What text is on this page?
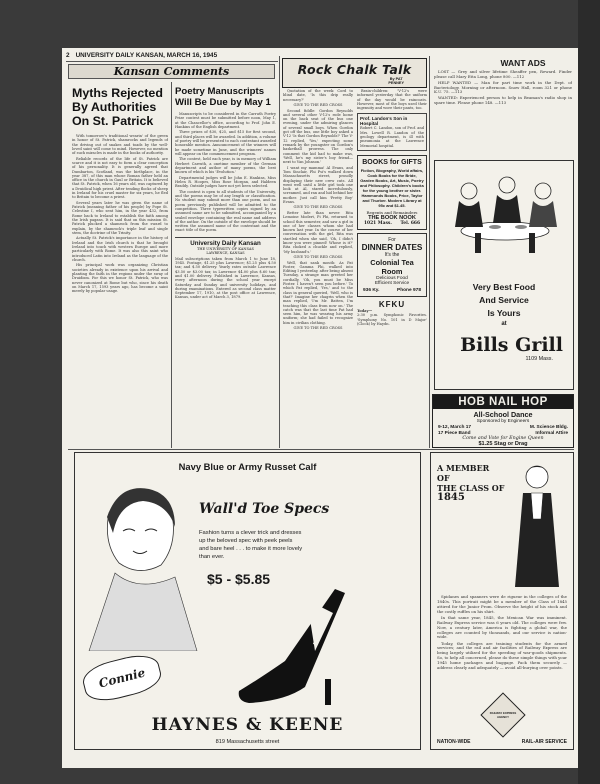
2 UNIVERSITY DAILY KANSAN, MARCH 16, 1945
Kansan Comments
Myths Rejected
By Authorities
On St. Patrick

With tomorrow's traditional wearin' of the green in honor of St. Patrick, shamrocks and legends of the driving out of snakes and toads by the well-loved saint will come to mind. However, no mention of such miracles is made in the books of authority.

Reliable records of the life of St. Patrick are scarce and it is not easy to form a clear conception of his personality. It is generally agreed that Dumbarton, Scotland, was the birthplace, in the year 387, of this man whose Roman father held an office in the church in Gaul or Britain. It is believed that St. Patrick, when 16 years old, was captured by a Druidical high priest. After tending flocks of sheep in Ireland for his cruel master for six years, he fled to Britain to become a priest.

Several years later he was given the name of Patrick (meaning father of his people) by Pope St. Celestine I, who sent him, in the year 432, from Rome back to Ireland to establish the faith among the Irish pagans. It is said that on this mission St. Patrick plucked a shamrock from the sward to explain, by the shamrock's triple leaf and single stem, the doctrine of the Trinity.

Actually St. Patrick's importance in the history of Ireland and the Irish church is that he brought Ireland into touch with western Europe and more particularly with Rome. It was also this saint who introduced Latin into Ireland as the language of the church.

His principal work was organizing Christian societies already in existence upon his arrival and planting the faith in the regions under the sway of Druidism. For this we honor St. Patrick, who was never canonized at Rome but who, since his death on March 17, 1593 years ago, has become a saint merely by popular usage.

Poetry Manuscripts
Will Be Due by May 1

Manuscripts to be considered in the Carruth Poetry Prize contest must be submitted before noon, May 1, at the Chancellor's office, according to Prof. John E. Hankins of the English department.

Three prizes of $30, $25, and $15 for first second, and third places will be awarded. In addition, a volume of poetry will be presented to each contestant awarded honorable mention. Announcement of the winners will be made sometime in June, and the winners' names will appear on the commencement program.

The contest, held each year, is in memory of William Herbert Carruth, a onetime member of the German department and author of many poems, the best known of which is his 'Evolution.'

Departmental judges will be John E. Hankins, Miss Helen R. Hoopes, Miss Rose Morgan, and Haldeen Braddy. Outside judges have not yet been selected.

The contest is open to all students of the University, and the poems may be of any length or classification. No student may submit more than one poem, and no poem previously published will be admitted to the competition. Three typewritten copies signed by an assumed name are to be submitted, accompanied by a sealed envelope containing the real name and address of the author. On the outside of the envelope should be written the assumed name of the contestant and the exact title of the poem.

University Daily Kansan
THE UNIVERSITY OF KANSAS
LAWRENCE, KANSAS
Mail subscriptions taken from March 1 to June 18, 1945. Postage, $1.25 plus Lawrence; $1.25 plus $.50 tax; and $.50 delivery. Yearly rates outside Lawrence $3.50 or $3.00 tax; in Lawrence $4.00 plus $.60 tax; and $1.00 delivery. Published in Lawrence, Kansas, every afternoon during the school year except Saturday and Sunday and university holidays, and during examinations. Entered as second class matter September 17, 1910, at the post office at Lawrence, Kansas, under act of March 3, 1879.
Rock Chalk Talk
By PAT
PENNEY

Quotation of the week: Cord to blind date, 'Is this drip really necessary?'

GIVE TO THE RED CROSS

Second fiddle: Gordon Reynolds and several other V-12's rode home on the back seat of the bus one evening, under the admiring glances of several small boys. When Gordon got off the bus, one little boy asked a V-12 'Is that Gordon Reynolds?' The V-12 replied, 'Yes,' expecting some remark by the youngster on Gordon's basketball prowess. The only comment the kid had to make was, 'Well, he's my sister's boy friend—next to Van Johnson.'

I want my mamma! Al Evans, and Tom Sinclair, Phi Psi's walked down Massachusetts street, proudly displaying their new crew cuts. All went well until a little girl took one look at Al, stared incredulously, screamed, and ran and hid behind her mother. Just call him 'Pretty Boy' Evans.

GIVE TO THE RED CROSS

Better late than never: Rita Lemoine Modert, Pi Phi, returned to school this semester, and saw a girl in one of her classes whom she had known last year. In the course of her conversation with the girl, Rita was startled when she said, 'Oh, I didn't know you were pinned! Whose is it?' Rita choked a chuckle and replied, 'My husband's.'

GIVE TO THE RED CROSS

Well, that sank mouth: As Pat Foster, Gamma Phi, walked into Editing I yesterday, after being absent Tuesday, a strange man greeted her cordially, 'Oh, you must be Miss Foster. I haven't seen you before.' To which Pat replied, 'Yes,' and to the class in general queried, 'Well, who is that?' Imagine her chagrin when the man replied, 'I'm Mr. Batten, I'm teaching this class from now on.' The catch was that the last time Pat had seen him, he was wearing his army uniform; she had failed to recognize him in civilian clothing.

GIVE TO THE RED CROSS

Brain-children: 'V-12's were informed yesterday that the uniform of the day would be raincoats. However, most of the boys used their ingenuity and wore their pants, too.

Prof. Landon's Son in Hospital
Robert C. Landon, son of Prof. and Mrs. Lowell R. Landon of the geology department, is ill with pneumonia at the Lawrence Memorial hospital.
BOOKS for GIFTS
Fiction, Biography, World affairs, Cook Books for the Bride, Garden Books, Art, Music, Poetry and Philosophy. Children's books for the young brother or sister. Hammonds Books, Price, Taylor and Thurber. Modern Library at 95c and $1.45.
Regents and Remainders
THE BOOK NOOK
1021 Mass. Tel. 666
For
DINNER DATES
It's the
Colonial Tea Room
Delicious Food
Efficient Service
936 Ky.	Phone 978
KFKU
Today—
2:30 p.m. Symphonic Favorites. 'Symphony No. 101 in D Major' (Clock) by Haydn.
WANT ADS

LOST — Grey and silver lifetime Sheaffer pen, Reward. Finder please call Mary Etta Long, phone 800. —112

HELP WANTED — Man for part time work in the Dept. of Bacteriology. Morning or afternoon. Snow Hall, room 321 or phone K.U. 75. —113

WANTED: Experienced person to help in Beaman's radio shop in spare time. Please phone 148. —113

Very Best Food
And Service
Is Yours
at
Bills Grill
1109 Mass.
HOB NAIL HOP
All-School Dance
Sponsored by Engineers
9-12, March 17
17 Piece Band
M. Science Bldg.
Informal Attire
Come and Vote for Engine Queen
$1.25 Stag or Drag
Navy Blue or Army Russet Calf
Wall'd Toe Specs
Fashion turns a clever trick and dresses up the beloved spec with peek peels and bare heel . . . to make it more lovely than ever.
$5 - $5.85
Connie
HAYNES & KEENE
819 Massachusetts street
A MEMBER
OF
THE CLASS OF
1845

Spidanes and spanners were de rigueur in the colleges of the 1840s. This portrait might be a member of the Class of 1845 attired for the Junior Prom. Observe the height of his stock and the costly ruffles on his shirt.

In that same year, 1845, the Mexican War was imminent. Railway Express service was 6 years old. The colleges were few. Now, a century later, America is fighting a global war, the colleges are counted by thousands, and our service is nation-wide.

Today, the colleges are training students for the armed services; and the rail and air facilities of Railway Express are being largely utilized for the speeding of war-goods shipments. So, to help all concerned, please do these simple things with your 1945 home packages and baggage. Pack them securely — address clearly and adequately — avoid all-burying over points.

RAILWAY EXPRESS AGENCY
NATION-WIDE	RAIL-AIR SERVICE
